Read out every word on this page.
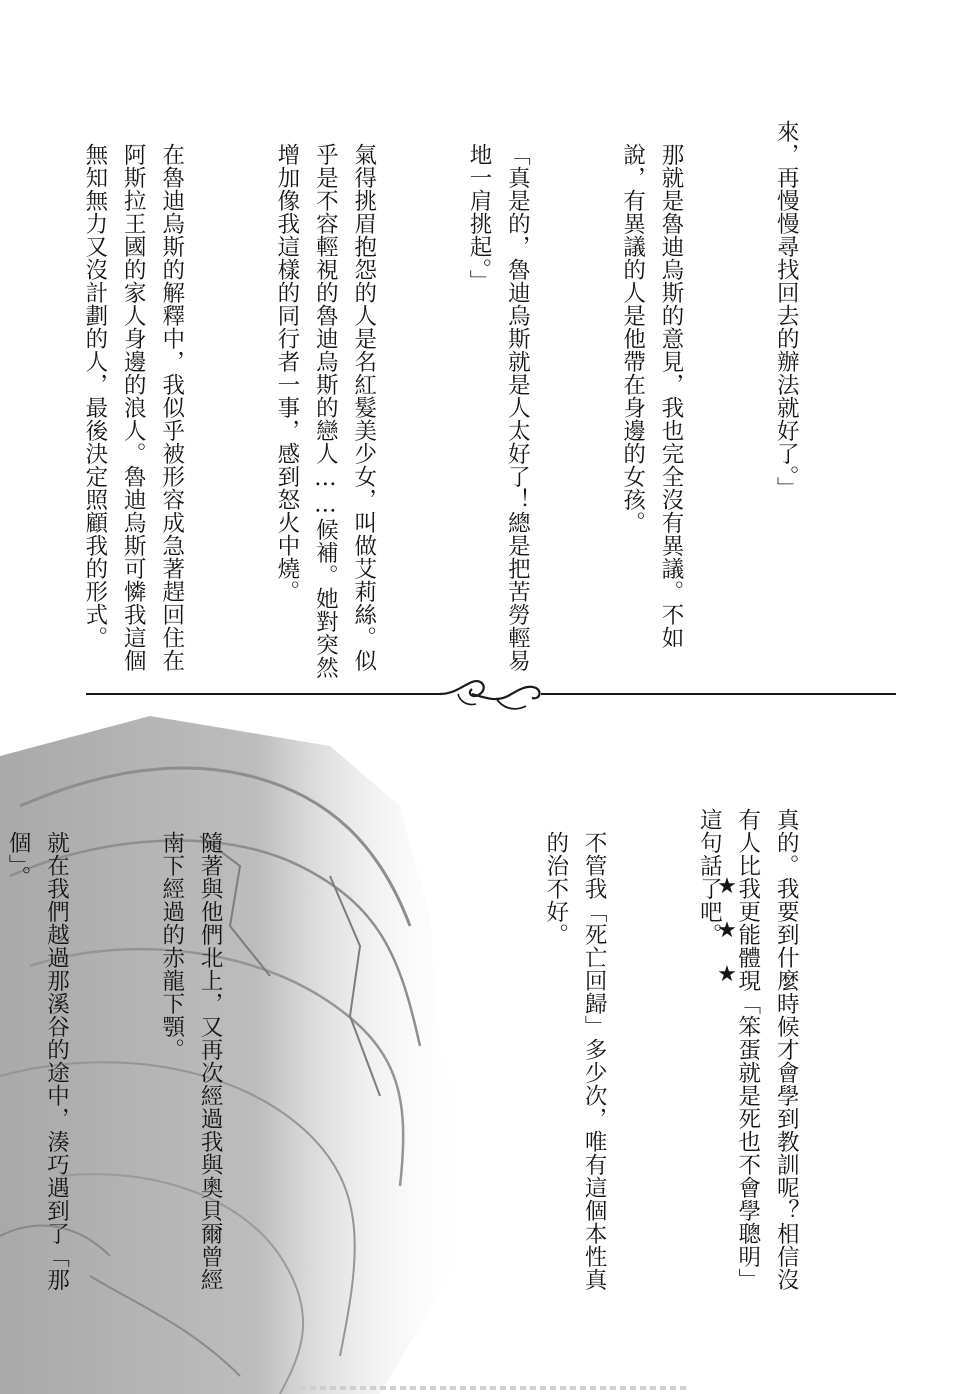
來，再慢慢尋找回去的辦法就好了。」

那就是魯迪烏斯的意見，我也完全沒有異議。不如說，有異議的人是他帶在身邊的女孩。

「真是的，魯迪烏斯就是人太好了！總是把苦勞輕易地一肩挑起。」

氣得挑眉抱怨的人是名紅髮美少女，叫做艾莉絲。似乎是不容輕視的魯迪烏斯的戀人……候補。她對突然增加像我這樣的同行者一事，感到怒火中燒。

在魯迪烏斯的解釋中，我似乎被形容成急著趕回住在阿斯拉王國的家人身邊的浪人。魯迪烏斯可憐我這個無知無力又沒計劃的人，最後決定照顧我的形式。

★
★
★

	真的。我要到什麼時候才會學到教訓呢？相信沒有人比我更能體現「笨蛋就是死也不會學聰明」這句話了吧。

不管我「死亡回歸」多少次，唯有這個本性真的治不好。

隨著與他們北上，又再次經過我與奧貝爾曾經南下經過的赤龍下顎。

就在我們越過那溪谷的途中，湊巧遇到了「那個」。
